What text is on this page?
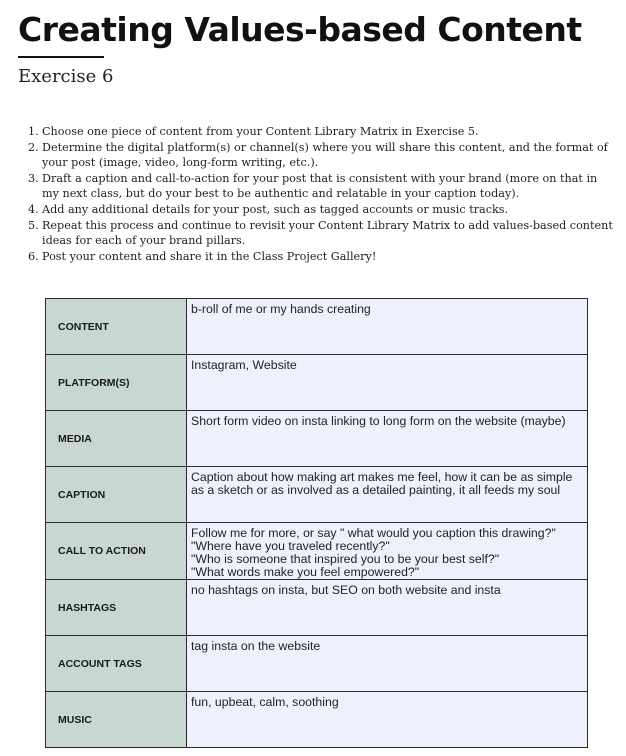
Creating Values-based Content

Exercise 6

1. Choose one piece of content from your Content Library Matrix in Exercise 5.
2. Determine the digital platform(s) or channel(s) where you will share this content, and the format of your post (image, video, long-form writing, etc.).
3. Draft a caption and call-to-action for your post that is consistent with your brand (more on that in my next class, but do your best to be authentic and relatable in your caption today).
4. Add any additional details for your post, such as tagged accounts or music tracks.
5. Repeat this process and continue to revisit your Content Library Matrix to add values-based content ideas for each of your brand pillars.
6. Post your content and share it in the Class Project Gallery!
CONTENT	b-roll of me or my hands creating

PLATFORM(S)	Instagram, Website

MEDIA	Short form video on insta linking to long form on the website (maybe)

CAPTION	Caption about how making art makes me feel, how it can be as simple
as a sketch or as involved as a detailed painting, it all feeds my soul

CALL TO ACTION	Follow me for more, or say " what would you caption this drawing?"
"Where have you traveled recently?"
"Who is someone that inspired you to be your best self?"
"What words make you feel empowered?"

HASHTAGS	no hashtags on insta, but SEO on both website and insta

ACCOUNT TAGS	tag insta on the website

MUSIC	fun, upbeat, calm, soothing
